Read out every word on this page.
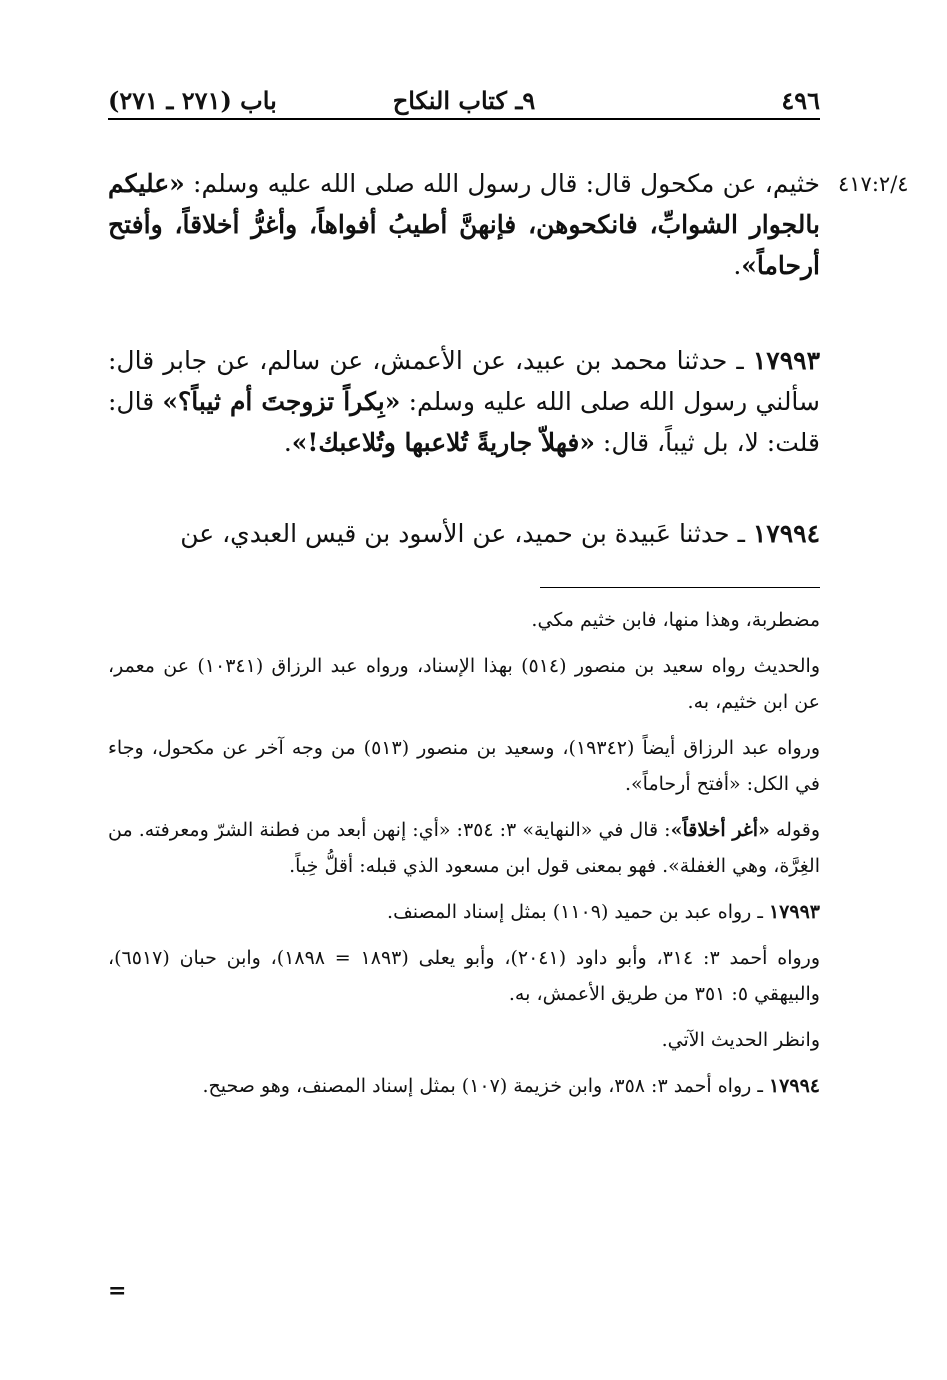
٤٩٦
٩ـ كتاب النكاح
باب (٢٧١ ـ ٢٧١)
٤١٧:٢/٤

خثيم، عن مكحول قال: قال رسول الله صلى الله عليه وسلم: «عليكم بالجوار الشوابِّ، فانكحوهن، فإنهنَّ أطيبُ أفواهاً، وأغرُّ أخلاقاً، وأفتح أرحاماً».

١٧٩٩٣ ـ حدثنا محمد بن عبيد، عن الأعمش، عن سالم، عن جابر قال: سألني رسول الله صلى الله عليه وسلم: «بِكراً تزوجتَ أم ثيباً؟» قال: قلت: لا، بل ثيباً، قال: «فهلاّ جاريةً تُلاعبها وتُلاعبك!».

١٧٩٩٤ ـ حدثنا عَبيدة بن حميد، عن الأسود بن قيس العبدي، عن

مضطربة، وهذا منها، فابن خثيم مكي.

والحديث رواه سعيد بن منصور (٥١٤) بهذا الإسناد، ورواه عبد الرزاق (١٠٣٤١) عن معمر، عن ابن خثيم، به.

ورواه عبد الرزاق أيضاً (١٩٣٤٢)، وسعيد بن منصور (٥١٣) من وجه آخر عن مكحول، وجاء في الكل: «أفتح أرحاماً».

وقوله «أغر أخلاقاً»: قال في «النهاية» ٣: ٣٥٤: «أي: إنهن أبعد من فطنة الشرّ ومعرفته. من الغِرَّة، وهي الغفلة». فهو بمعنى قول ابن مسعود الذي قبله: أقلُّ خِباً.

١٧٩٩٣ ـ رواه عبد بن حميد (١١٠٩) بمثل إسناد المصنف.

ورواه أحمد ٣: ٣١٤، وأبو داود (٢٠٤١)، وأبو يعلى (١٨٩٣ = ١٨٩٨)، وابن حبان (٦٥١٧)، والبيهقي ٥: ٣٥١ من طريق الأعمش، به.

وانظر الحديث الآتي.

١٧٩٩٤ ـ رواه أحمد ٣: ٣٥٨، وابن خزيمة (١٠٧) بمثل إسناد المصنف، وهو صحيح.

=
